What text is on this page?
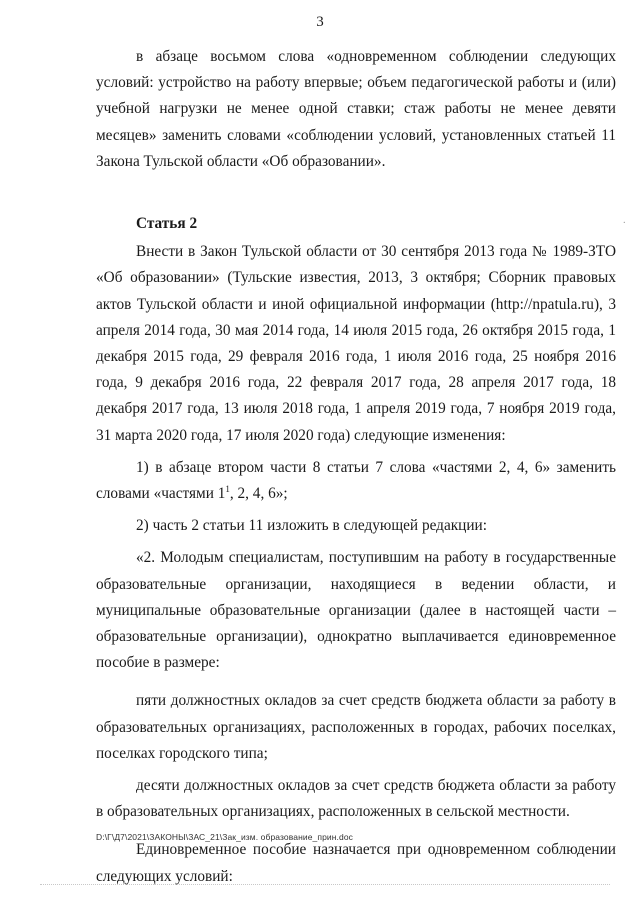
3

в абзаце восьмом слова «одновременном соблюдении следующих условий: устройство на работу впервые; объем педагогической работы и (или) учебной нагрузки не менее одной ставки; стаж работы не менее девяти месяцев» заменить словами «соблюдении условий, установленных статьей 11 Закона Тульской области «Об образовании».

Статья 2

Внести в Закон Тульской области от 30 сентября 2013 года № 1989-ЗТО «Об образовании» (Тульские известия, 2013, 3 октября; Сборник правовых актов Тульской области и иной официальной информации (http://npatula.ru), 3 апреля 2014 года, 30 мая 2014 года, 14 июля 2015 года, 26 октября 2015 года, 1 декабря 2015 года, 29 февраля 2016 года, 1 июля 2016 года, 25 ноября 2016 года, 9 декабря 2016 года, 22 февраля 2017 года, 28 апреля 2017 года, 18 декабря 2017 года, 13 июля 2018 года, 1 апреля 2019 года, 7 ноября 2019 года, 31 марта 2020 года, 17 июля 2020 года) следующие изменения:

1) в абзаце втором части 8 статьи 7 слова «частями 2, 4, 6» заменить словами «частями $1^1$, 2, 4, 6»;

2) часть 2 статьи 11 изложить в следующей редакции:

«2. Молодым специалистам, поступившим на работу в государственные образовательные организации, находящиеся в ведении области, и муниципальные образовательные организации (далее в настоящей части – образовательные организации), однократно выплачивается единовременное пособие в размере:

пяти должностных окладов за счет средств бюджета области за работу в образовательных организациях, расположенных в городах, рабочих поселках, поселках городского типа;

десяти должностных окладов за счет средств бюджета области за работу в образовательных организациях, расположенных в сельской местности.

Единовременное пособие назначается при одновременном соблюдении следующих условий:

·
D:\Г\Д7\2021\ЗАКОНЫ\ЗАС_21\Зак_изм. образование_прин.doc
